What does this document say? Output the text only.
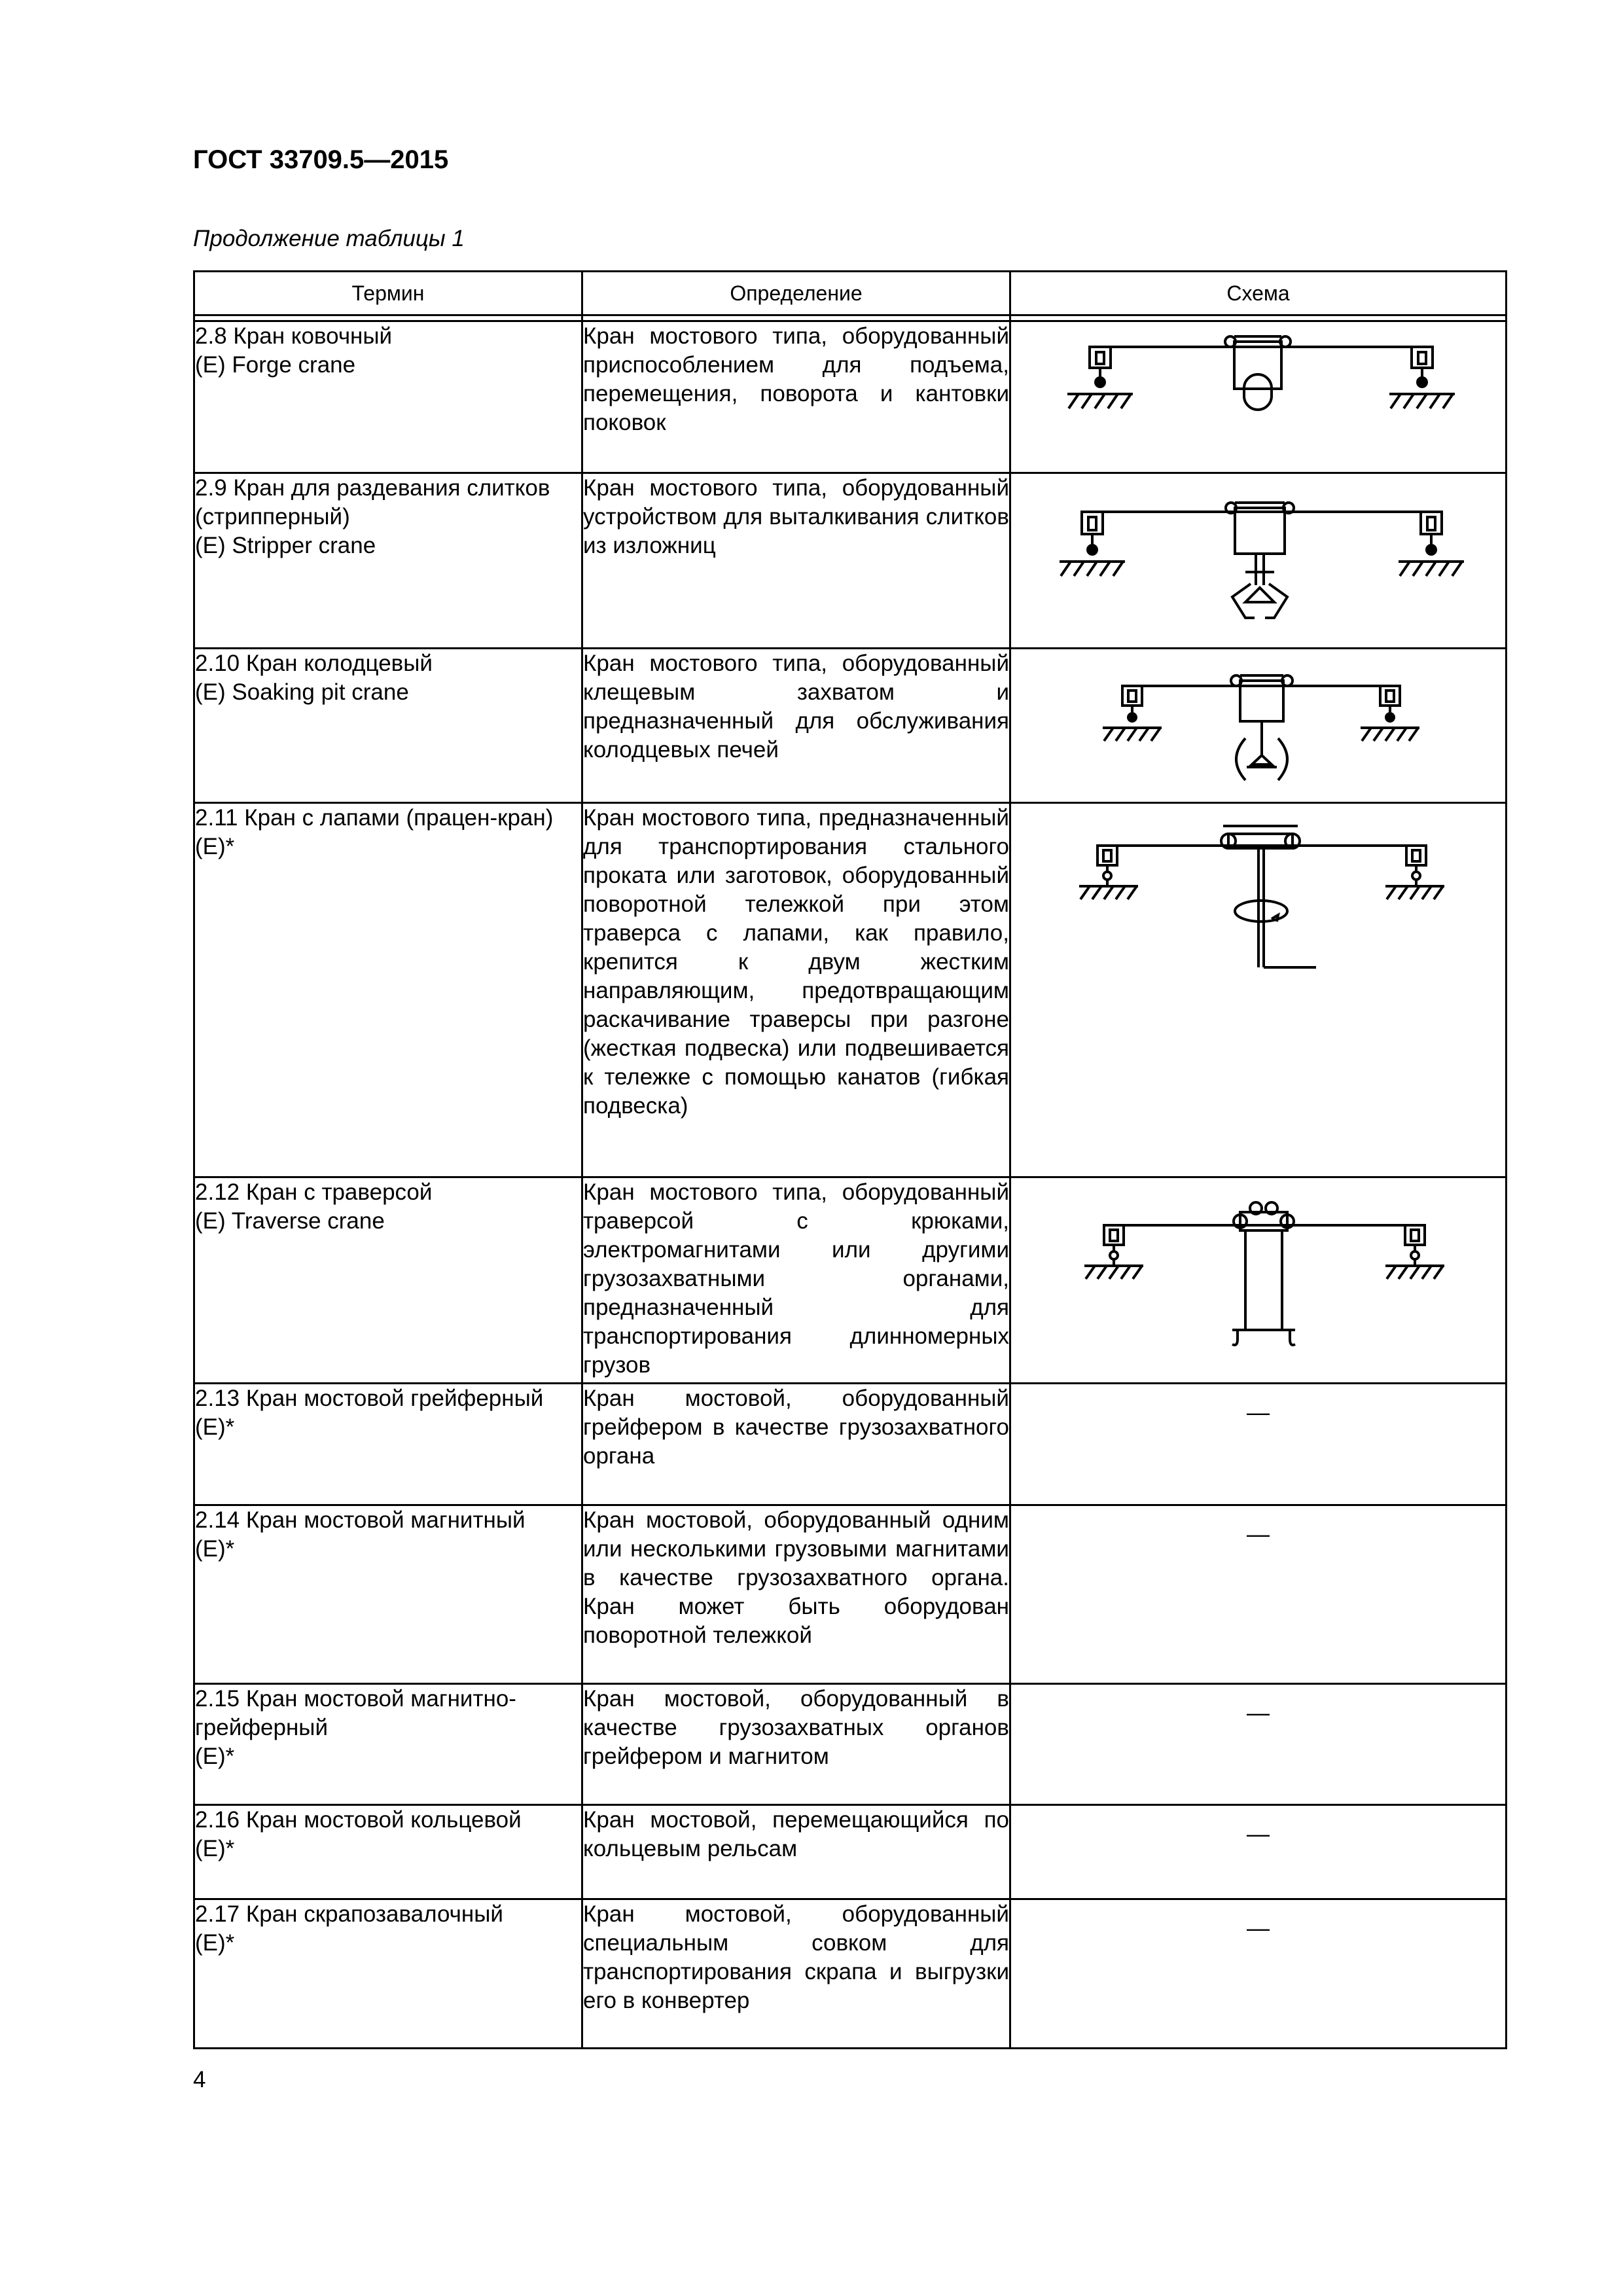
ГОСТ 33709.5—2015

Продолжение таблицы 1

Термин	Определение	Схема

2.8 Кран ковочный
(E) Forge crane	Кран мостового типа, оборудованный приспособлением для подъема, перемещения, поворота и кантовки поковок

2.9 Кран для раздевания слитков (стрипперный)
(E) Stripper crane	Кран мостового типа, оборудованный устройством для выталкивания слитков из изложниц

2.10 Кран колодцевый
(E) Soaking pit crane	Кран мостового типа, оборудованный клещевым захватом и предназначенный для обслуживания колодцевых печей

2.11 Кран с лапами (працен-кран)
(E)*	Кран мостового типа, предназначенный для транспортирования стального проката или заготовок, оборудованный поворотной тележкой при этом траверса с лапами, как правило, крепится к двум жестким направляющим, предотвращающим раскачивание траверсы при разгоне (жесткая подвеска) или подвешивается к тележке с помощью канатов (гибкая подвеска)

2.12 Кран с траверсой
(E) Traverse crane	Кран мостового типа, оборудованный траверсой с крюками, электромагнитами или другими грузозахватными органами, предназначенный для транспортирования длинномерных грузов

2.13 Кран мостовой грейферный
(E)*	Кран мостовой, оборудованный грейфером в качестве грузозахватного органа	—

2.14 Кран мостовой магнитный
(E)*	Кран мостовой, оборудованный одним или несколькими грузовыми магнитами в качестве грузозахватного органа. Кран может быть оборудован поворотной тележкой	—

2.15 Кран мостовой магнитно-грейферный
(E)*	Кран мостовой, оборудованный в качестве грузозахватных органов грейфером и магнитом	—

2.16 Кран мостовой кольцевой
(E)*	Кран мостовой, перемещающийся по кольцевым рельсам	—

2.17 Кран скрапозавалочный
(E)*	Кран мостовой, оборудованный специальным совком для транспортирования скрапа и выгрузки его в конвертер	—

4
